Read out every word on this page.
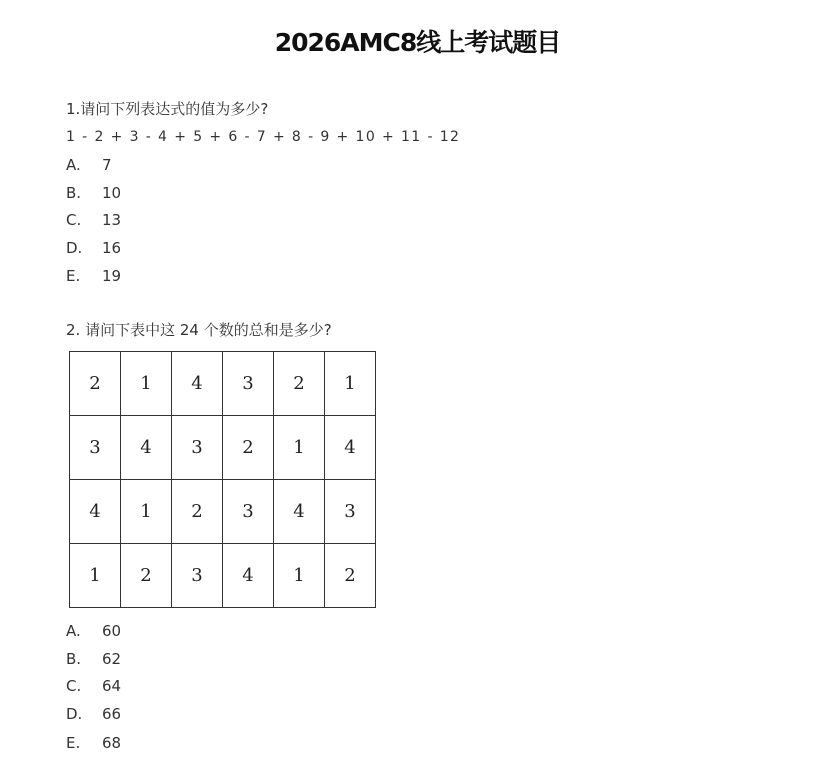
2026AMC8线上考试题目
1.请问下列表达式的值为多少?
1 - 2 + 3 - 4 + 5 + 6 - 7 + 8 - 9 + 10 + 11 - 12
A. 7
B. 10
C. 13
D. 16
E. 19
2. 请问下表中这 24 个数的总和是多少?
2	1	4	3	2	1
3	4	3	2	1	4
4	1	2	3	4	3
1	2	3	4	1	2
A. 60
B. 62
C. 64
D. 66
E. 68
